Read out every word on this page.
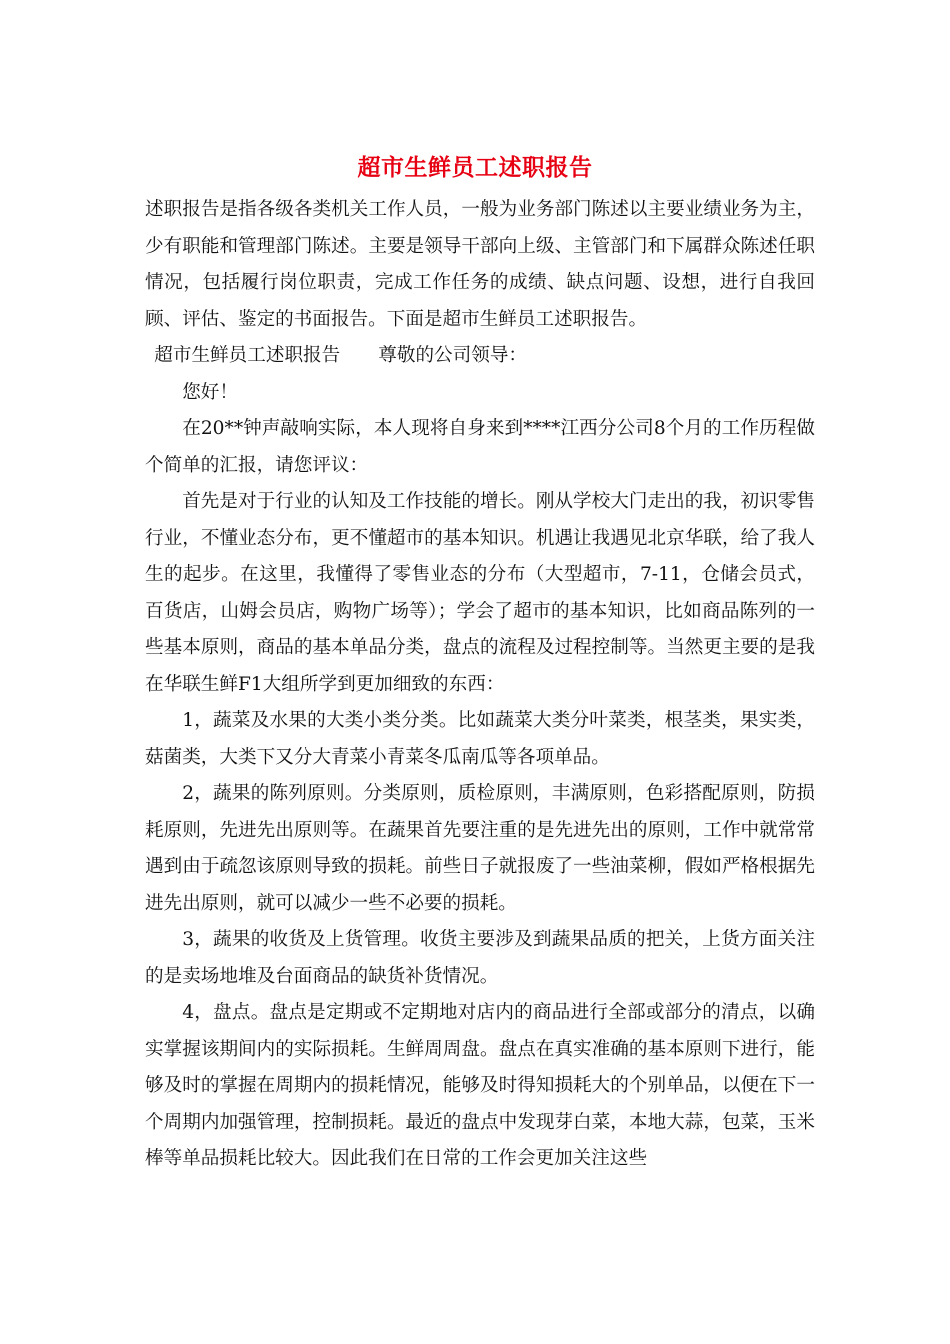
超市生鲜员工述职报告

述职报告是指各级各类机关工作人员，一般为业务部门陈述以主要业绩业务为主，少有职能和管理部门陈述。主要是领导干部向上级、主管部门和下属群众陈述任职情况，包括履行岗位职责，完成工作任务的成绩、缺点问题、设想，进行自我回顾、评估、鉴定的书面报告。下面是超市生鲜员工述职报告。

超市生鲜员工述职报告 尊敬的公司领导：

您好！

在20**钟声敲响实际，本人现将自身来到****江西分公司8个月的工作历程做个简单的汇报，请您评议：

首先是对于行业的认知及工作技能的增长。刚从学校大门走出的我，初识零售行业，不懂业态分布，更不懂超市的基本知识。机遇让我遇见北京华联，给了我人生的起步。在这里，我懂得了零售业态的分布（大型超市，7-11，仓储会员式，百货店，山姆会员店，购物广场等）；学会了超市的基本知识，比如商品陈列的一些基本原则，商品的基本单品分类，盘点的流程及过程控制等。当然更主要的是我在华联生鲜F1大组所学到更加细致的东西：

1，蔬菜及水果的大类小类分类。比如蔬菜大类分叶菜类，根茎类，果实类，菇菌类，大类下又分大青菜小青菜冬瓜南瓜等各项单品。

2，蔬果的陈列原则。分类原则，质检原则，丰满原则，色彩搭配原则，防损耗原则，先进先出原则等。在蔬果首先要注重的是先进先出的原则，工作中就常常遇到由于疏忽该原则导致的损耗。前些日子就报废了一些油菜柳，假如严格根据先进先出原则，就可以减少一些不必要的损耗。

3，蔬果的收货及上货管理。收货主要涉及到蔬果品质的把关，上货方面关注的是卖场地堆及台面商品的缺货补货情况。

4，盘点。盘点是定期或不定期地对店内的商品进行全部或部分的清点，以确实掌握该期间内的实际损耗。生鲜周周盘。盘点在真实准确的基本原则下进行，能够及时的掌握在周期内的损耗情况，能够及时得知损耗大的个别单品，以便在下一个周期内加强管理，控制损耗。最近的盘点中发现芽白菜，本地大蒜，包菜，玉米棒等单品损耗比较大。因此我们在日常的工作会更加关注这些
